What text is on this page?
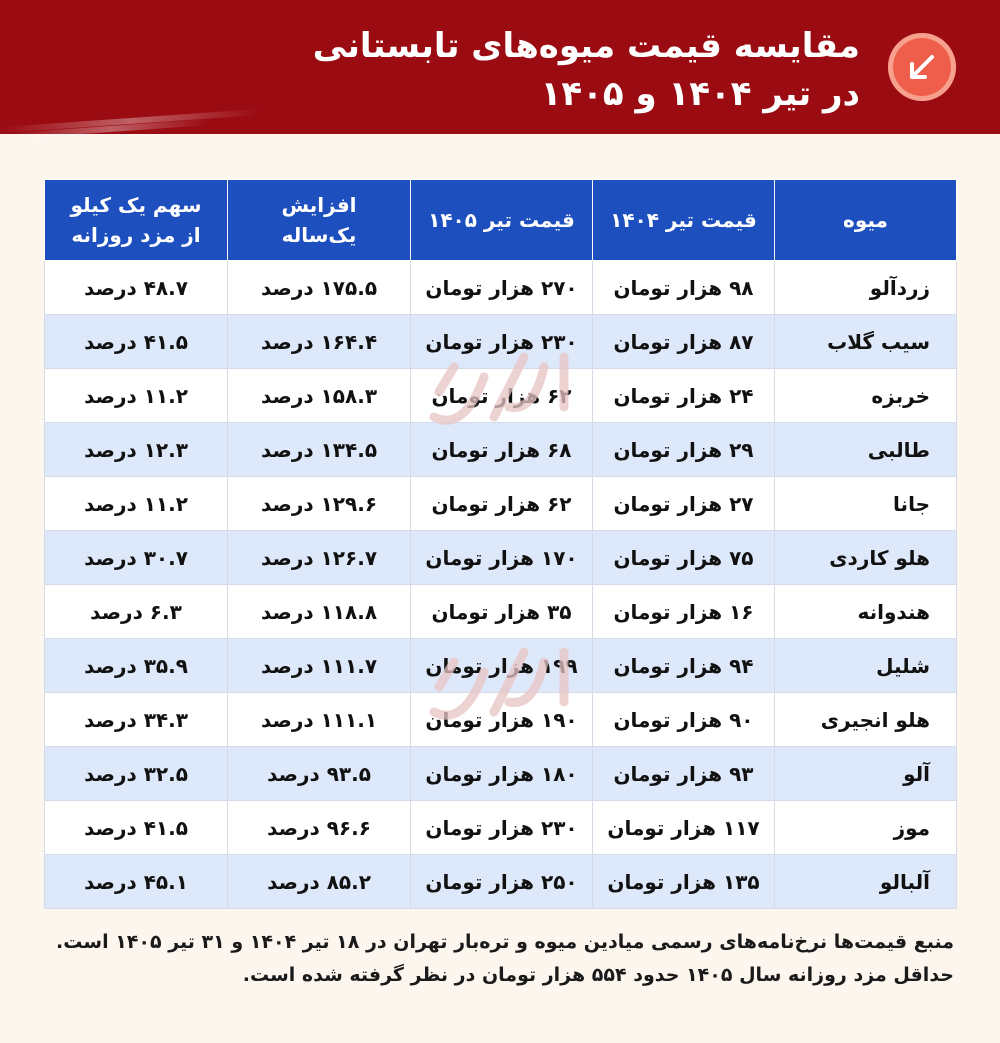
مقایسه قیمت میوه‌های تابستانی
در تیر ۱۴۰۴ و ۱۴۰۵
میوه	قیمت تیر ۱۴۰۴	قیمت تیر ۱۴۰۵	افزایش یک‌ساله	سهم یک کیلو از مزد روزانه
زردآلو	۹۸ هزار تومان	۲۷۰ هزار تومان	۱۷۵.۵ درصد	۴۸.۷ درصد
سیب گلاب	۸۷ هزار تومان	۲۳۰ هزار تومان	۱۶۴.۴ درصد	۴۱.۵ درصد
خربزه	۲۴ هزار تومان	۶۲ هزار تومان	۱۵۸.۳ درصد	۱۱.۲ درصد
طالبی	۲۹ هزار تومان	۶۸ هزار تومان	۱۳۴.۵ درصد	۱۲.۳ درصد
جانا	۲۷ هزار تومان	۶۲ هزار تومان	۱۲۹.۶ درصد	۱۱.۲ درصد
هلو کاردی	۷۵ هزار تومان	۱۷۰ هزار تومان	۱۲۶.۷ درصد	۳۰.۷ درصد
هندوانه	۱۶ هزار تومان	۳۵ هزار تومان	۱۱۸.۸ درصد	۶.۳ درصد
شلیل	۹۴ هزار تومان	۱۹۹ هزار تومان	۱۱۱.۷ درصد	۳۵.۹ درصد
هلو انجیری	۹۰ هزار تومان	۱۹۰ هزار تومان	۱۱۱.۱ درصد	۳۴.۳ درصد
آلو	۹۳ هزار تومان	۱۸۰ هزار تومان	۹۳.۵ درصد	۳۲.۵ درصد
موز	۱۱۷ هزار تومان	۲۳۰ هزار تومان	۹۶.۶ درصد	۴۱.۵ درصد
آلبالو	۱۳۵ هزار تومان	۲۵۰ هزار تومان	۸۵.۲ درصد	۴۵.۱ درصد
منبع قیمت‌ها نرخ‌نامه‌های رسمی میادین میوه و تره‌بار تهران در ۱۸ تیر ۱۴۰۴ و ۳۱ تیر ۱۴۰۵ است.
حداقل مزد روزانه سال ۱۴۰۵ حدود ۵۵۴ هزار تومان در نظر گرفته شده است.
